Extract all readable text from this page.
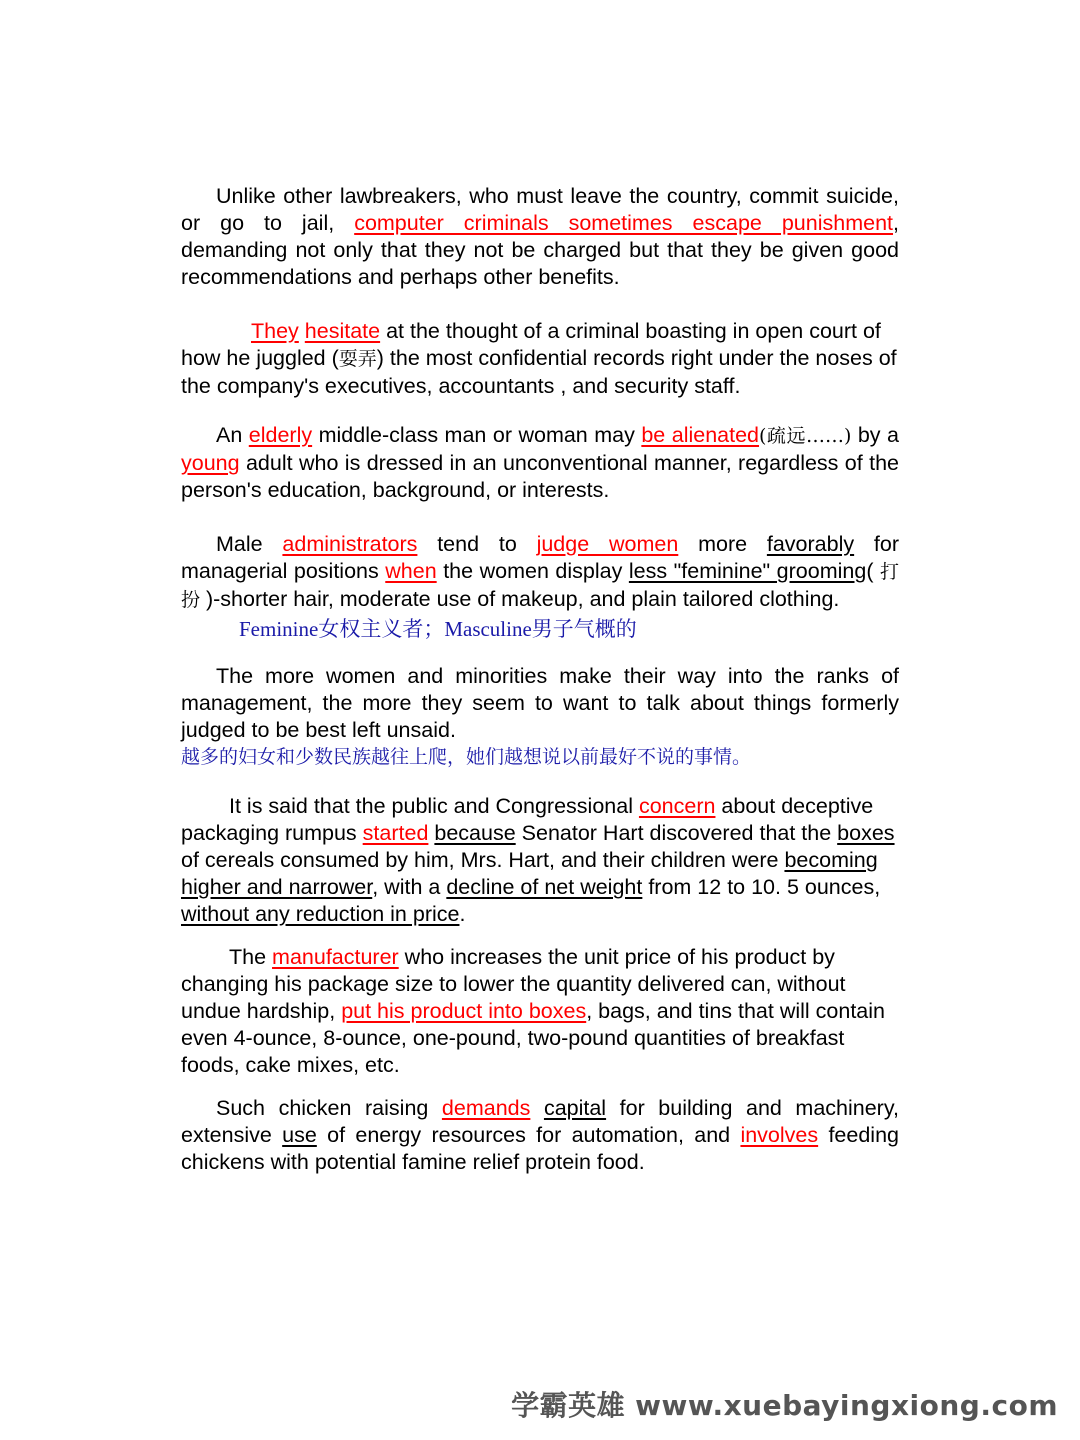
Unlike other lawbreakers, who must leave the country, commit suicide, or go to jail, computer criminals sometimes escape punishment, demanding not only that they not be charged but that they be given good recommendations and perhaps other benefits.

They hesitate at the thought of a criminal boasting in open court of how he juggled (耍弄) the most confidential records right under the noses of the company's executives, accountants , and security staff.

An elderly middle-class man or woman may be alienated(疏远……) by a young adult who is dressed in an unconventional manner, regardless of the person's education, background, or interests.

Male administrators tend to judge women more favorably for managerial positions when the women display less "feminine" grooming( 打 扮 )-shorter hair, moderate use of makeup, and plain tailored clothing.

Feminine女权主义者；Masculine男子气概的

The more women and minorities make their way into the ranks of management, the more they seem to want to talk about things formerly judged to be best left unsaid.

越多的妇女和少数民族越往上爬，她们越想说以前最好不说的事情。

It is said that the public and Congressional concern about deceptive packaging rumpus started because Senator Hart discovered that the boxes of cereals consumed by him, Mrs. Hart, and their children were becoming higher and narrower, with a decline of net weight from 12 to 10. 5 ounces, without any reduction in price.

The manufacturer who increases the unit price of his product by changing his package size to lower the quantity delivered can, without undue hardship, put his product into boxes, bags, and tins that will contain even 4-ounce, 8-ounce, one-pound, two-pound quantities of breakfast foods, cake mixes, etc.

Such chicken raising demands capital for building and machinery, extensive use of energy resources for automation, and involves feeding chickens with potential famine relief protein food.

学霸英雄 www.xuebayingxiong.com
